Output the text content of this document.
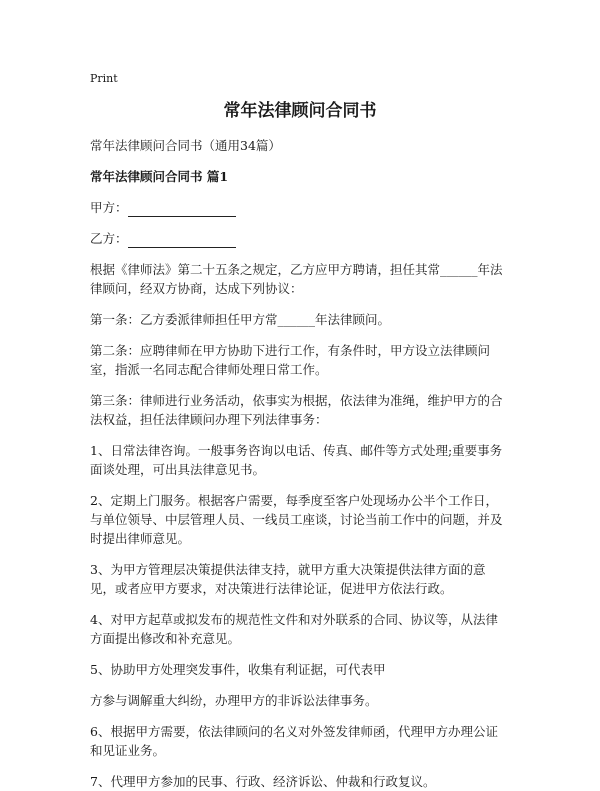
Print
常年法律顾问合同书

常年法律顾问合同书（通用34篇）

常年法律顾问合同书 篇1

甲方：

乙方：

根据《律师法》第二十五条之规定，乙方应甲方聘请，担任其常______年法律顾问，经双方协商，达成下列协议：

第一条：乙方委派律师担任甲方常______年法律顾问。

第二条：应聘律师在甲方协助下进行工作，有条件时，甲方设立法律顾问室，指派一名同志配合律师处理日常工作。

第三条：律师进行业务活动，依事实为根据，依法律为准绳，维护甲方的合法权益，担任法律顾问办理下列法律事务：

1、日常法律咨询。一般事务咨询以电话、传真、邮件等方式处理;重要事务面谈处理，可出具法律意见书。

2、定期上门服务。根据客户需要，每季度至客户处现场办公半个工作日，与单位领导、中层管理人员、一线员工座谈，讨论当前工作中的问题，并及时提出律师意见。

3、为甲方管理层决策提供法律支持，就甲方重大决策提供法律方面的意见，或者应甲方要求，对决策进行法律论证，促进甲方依法行政。

4、对甲方起草或拟发布的规范性文件和对外联系的合同、协议等，从法律方面提出修改和补充意见。

5、协助甲方处理突发事件，收集有利证据，可代表甲

方参与调解重大纠纷，办理甲方的非诉讼法律事务。

6、根据甲方需要，依法律顾问的名义对外签发律师函，代理甲方办理公证和见证业务。

7、代理甲方参加的民事、行政、经济诉讼、仲裁和行政复议。
